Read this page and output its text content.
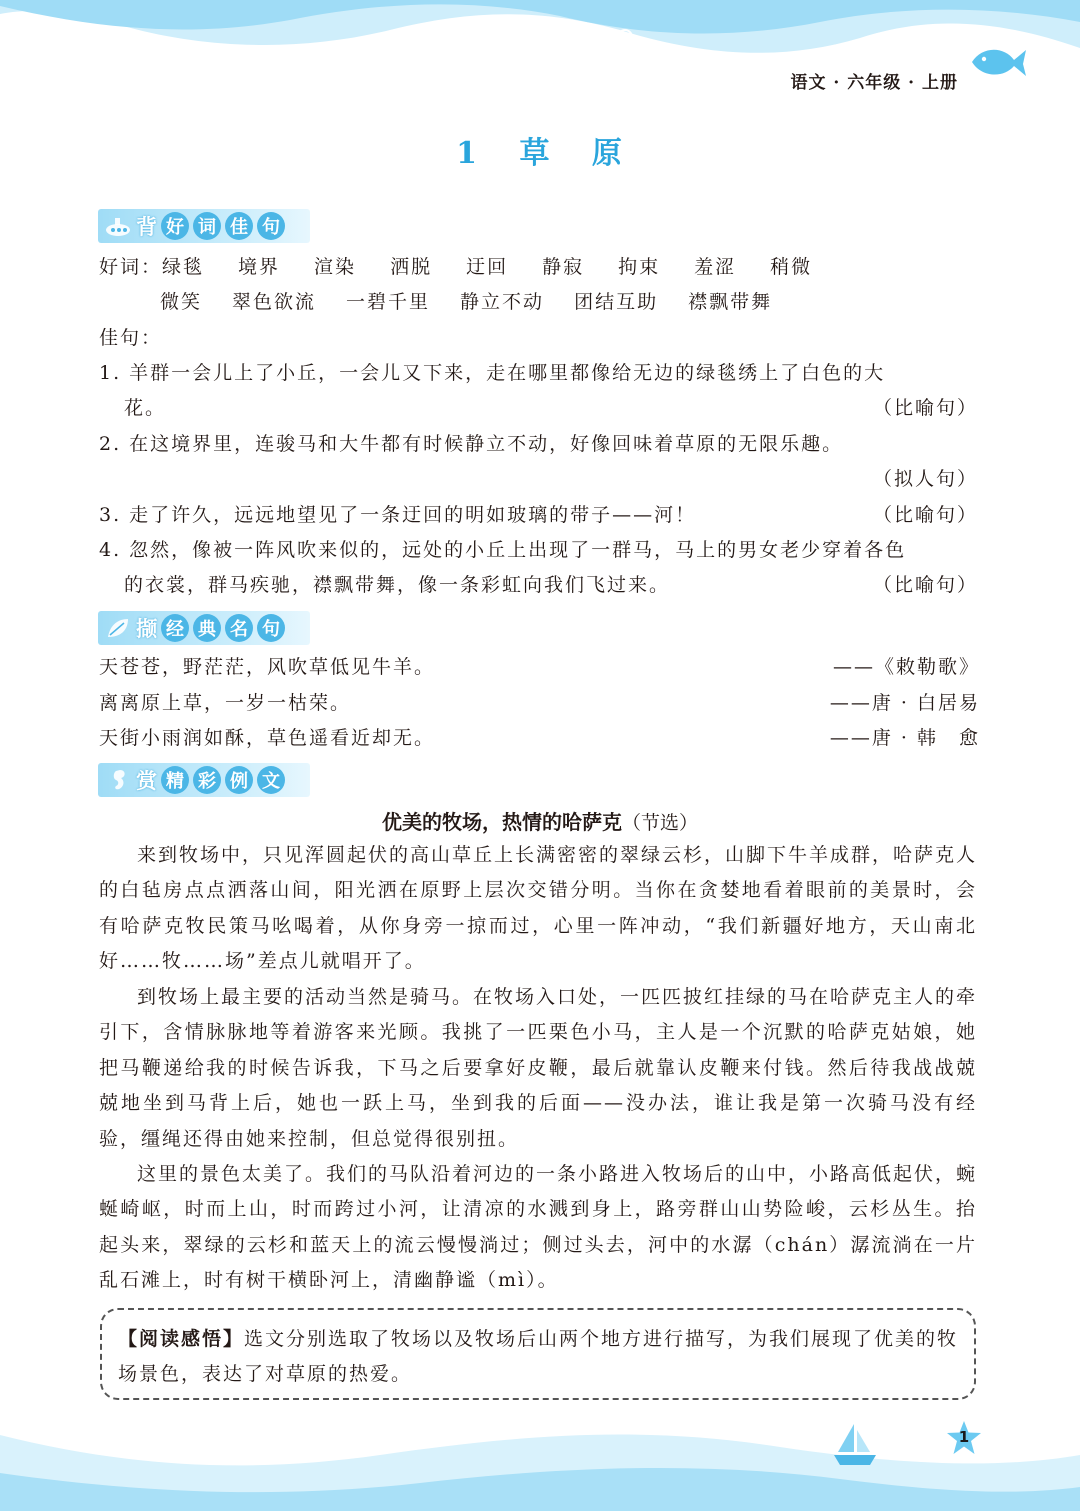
语文 · 六年级 · 上册
1 草 原
背 好 词 佳 句
好词：绿毯 境界 渲染 洒脱 迂回 静寂 拘束 羞涩 稍微
微笑 翠色欲流 一碧千里 静立不动 团结互助 襟飘带舞
佳句：
1. 羊群一会儿上了小丘，一会儿又下来，走在哪里都像给无边的绿毯绣上了白色的大
花。	（比喻句）
2. 在这境界里，连骏马和大牛都有时候静立不动，好像回味着草原的无限乐趣。
（拟人句）
3. 走了许久，远远地望见了一条迂回的明如玻璃的带子——河！	（比喻句）
4. 忽然，像被一阵风吹来似的，远处的小丘上出现了一群马，马上的男女老少穿着各色
的衣裳，群马疾驰，襟飘带舞，像一条彩虹向我们飞过来。	（比喻句）
撷 经 典 名 句
天苍苍，野茫茫，风吹草低见牛羊。	——《敕勒歌》
离离原上草，一岁一枯荣。	——唐 · 白居易
天街小雨润如酥，草色遥看近却无。	——唐 · 韩　愈
赏 精 彩 例 文
优美的牧场，热情的哈萨克（节选）
来到牧场中，只见浑圆起伏的高山草丘上长满密密的翠绿云杉，山脚下牛羊成群，哈萨克人的白毡房点点洒落山间，阳光洒在原野上层次交错分明。当你在贪婪地看着眼前的美景时，会有哈萨克牧民策马吆喝着，从你身旁一掠而过，心里一阵冲动，“我们新疆好地方，天山南北好……牧……场”差点儿就唱开了。
到牧场上最主要的活动当然是骑马。在牧场入口处，一匹匹披红挂绿的马在哈萨克主人的牵引下，含情脉脉地等着游客来光顾。我挑了一匹栗色小马，主人是一个沉默的哈萨克姑娘，她把马鞭递给我的时候告诉我，下马之后要拿好皮鞭，最后就靠认皮鞭来付钱。然后待我战战兢兢地坐到马背上后，她也一跃上马，坐到我的后面——没办法，谁让我是第一次骑马没有经验，缰绳还得由她来控制，但总觉得很别扭。
这里的景色太美了。我们的马队沿着河边的一条小路进入牧场后的山中，小路高低起伏，蜿蜒崎岖，时而上山，时而跨过小河，让清凉的水溅到身上，路旁群山山势险峻，云杉丛生。抬起头来，翠绿的云杉和蓝天上的流云慢慢淌过；侧过头去，河中的水潺（chán）潺流淌在一片乱石滩上，时有树干横卧河上，清幽静谧（mì）。
【阅读感悟】选文分别选取了牧场以及牧场后山两个地方进行描写，为我们展现了优美的牧场景色，表达了对草原的热爱。
1
